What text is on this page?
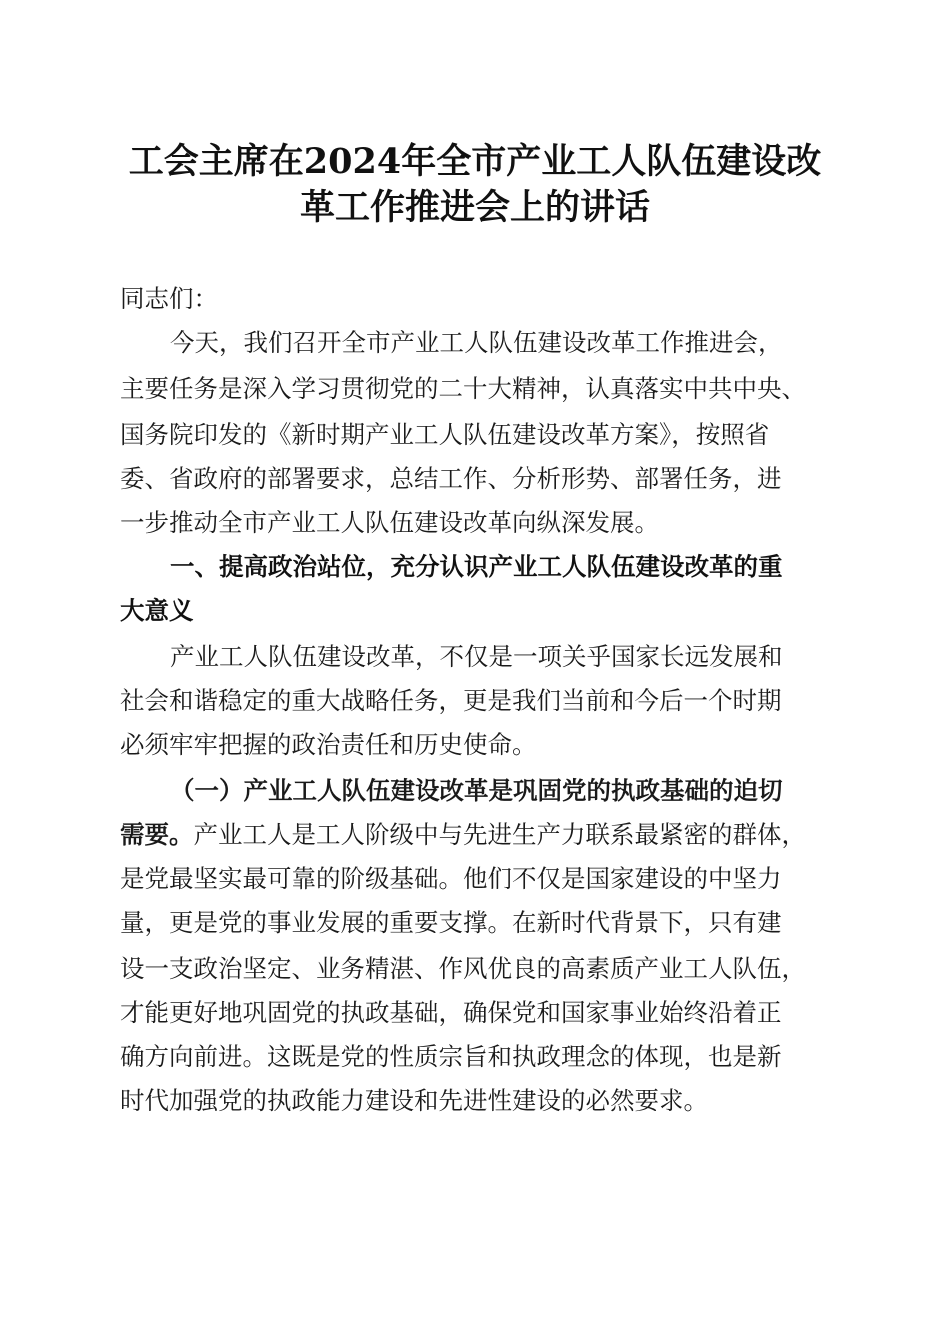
工会主席在2024年全市产业工人队伍建设改
革工作推进会上的讲话
同志们：
今天，我们召开全市产业工人队伍建设改革工作推进会，
主要任务是深入学习贯彻党的二十大精神，认真落实中共中央、
国务院印发的《新时期产业工人队伍建设改革方案》，按照省
委、省政府的部署要求，总结工作、分析形势、部署任务，进
一步推动全市产业工人队伍建设改革向纵深发展。
一、提高政治站位，充分认识产业工人队伍建设改革的重
大意义
产业工人队伍建设改革，不仅是一项关乎国家长远发展和
社会和谐稳定的重大战略任务，更是我们当前和今后一个时期
必须牢牢把握的政治责任和历史使命。
（一）产业工人队伍建设改革是巩固党的执政基础的迫切
需要。产业工人是工人阶级中与先进生产力联系最紧密的群体，
是党最坚实最可靠的阶级基础。他们不仅是国家建设的中坚力
量，更是党的事业发展的重要支撑。在新时代背景下，只有建
设一支政治坚定、业务精湛、作风优良的高素质产业工人队伍，
才能更好地巩固党的执政基础，确保党和国家事业始终沿着正
确方向前进。这既是党的性质宗旨和执政理念的体现，也是新
时代加强党的执政能力建设和先进性建设的必然要求。
